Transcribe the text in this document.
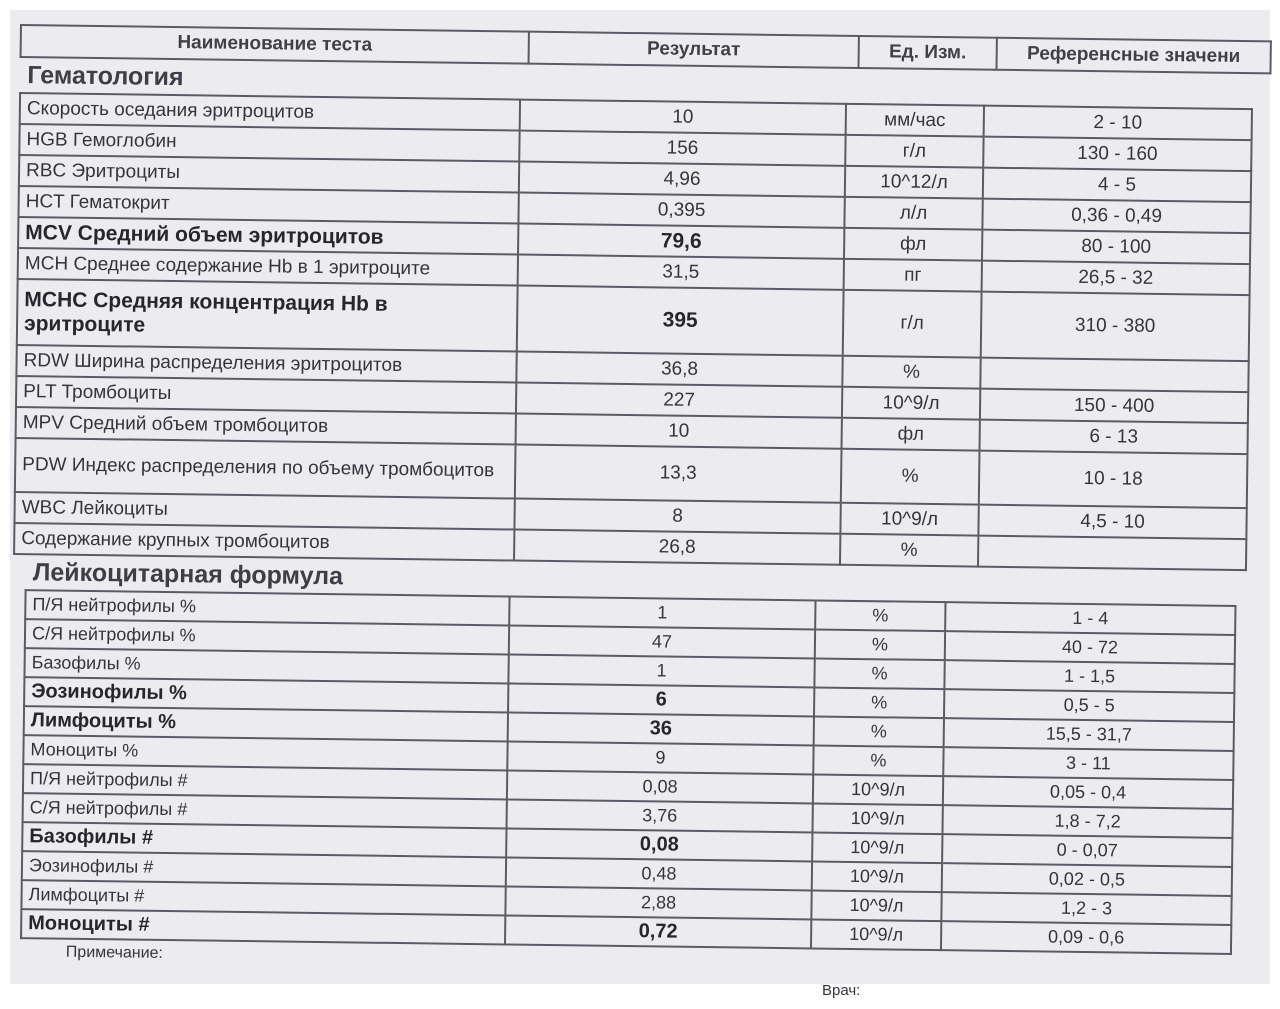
Наименование теста	Результат	Ед. Изм.	Референсные значени
Гематология
Скорость оседания эритроцитов	10	мм/час	2 - 10
HGB Гемоглобин	156	г/л	130 - 160
RBC Эритроциты	4,96	10^12/л	4 - 5
HCT Гематокрит	0,395	л/л	0,36 - 0,49
MCV Средний объем эритроцитов	79,6	фл	80 - 100
MCH Среднее содержание Hb в 1 эритроците	31,5	пг	26,5 - 32
MCHC Средняя концентрация Hb в эритроците	395	г/л	310 - 380
RDW Ширина распределения эритроцитов	36,8	%	
PLT Тромбоциты	227	10^9/л	150 - 400
MPV Средний объем тромбоцитов	10	фл	6 - 13
PDW Индекс распределения по объему тромбоцитов	13,3	%	10 - 18
WBC Лейкоциты	8	10^9/л	4,5 - 10
Содержание крупных тромбоцитов	26,8	%	
Лейкоцитарная формула
П/Я нейтрофилы %	1	%	1 - 4
С/Я нейтрофилы %	47	%	40 - 72
Базофилы %	1	%	1 - 1,5
Эозинофилы %	6	%	0,5 - 5
Лимфоциты %	36	%	15,5 - 31,7
Моноциты %	9	%	3 - 11
П/Я нейтрофилы #	0,08	10^9/л	0,05 - 0,4
С/Я нейтрофилы #	3,76	10^9/л	1,8 - 7,2
Базофилы #	0,08	10^9/л	0 - 0,07
Эозинофилы #	0,48	10^9/л	0,02 - 0,5
Лимфоциты #	2,88	10^9/л	1,2 - 3
Моноциты #	0,72	10^9/л	0,09 - 0,6
Примечание:
Врач:
